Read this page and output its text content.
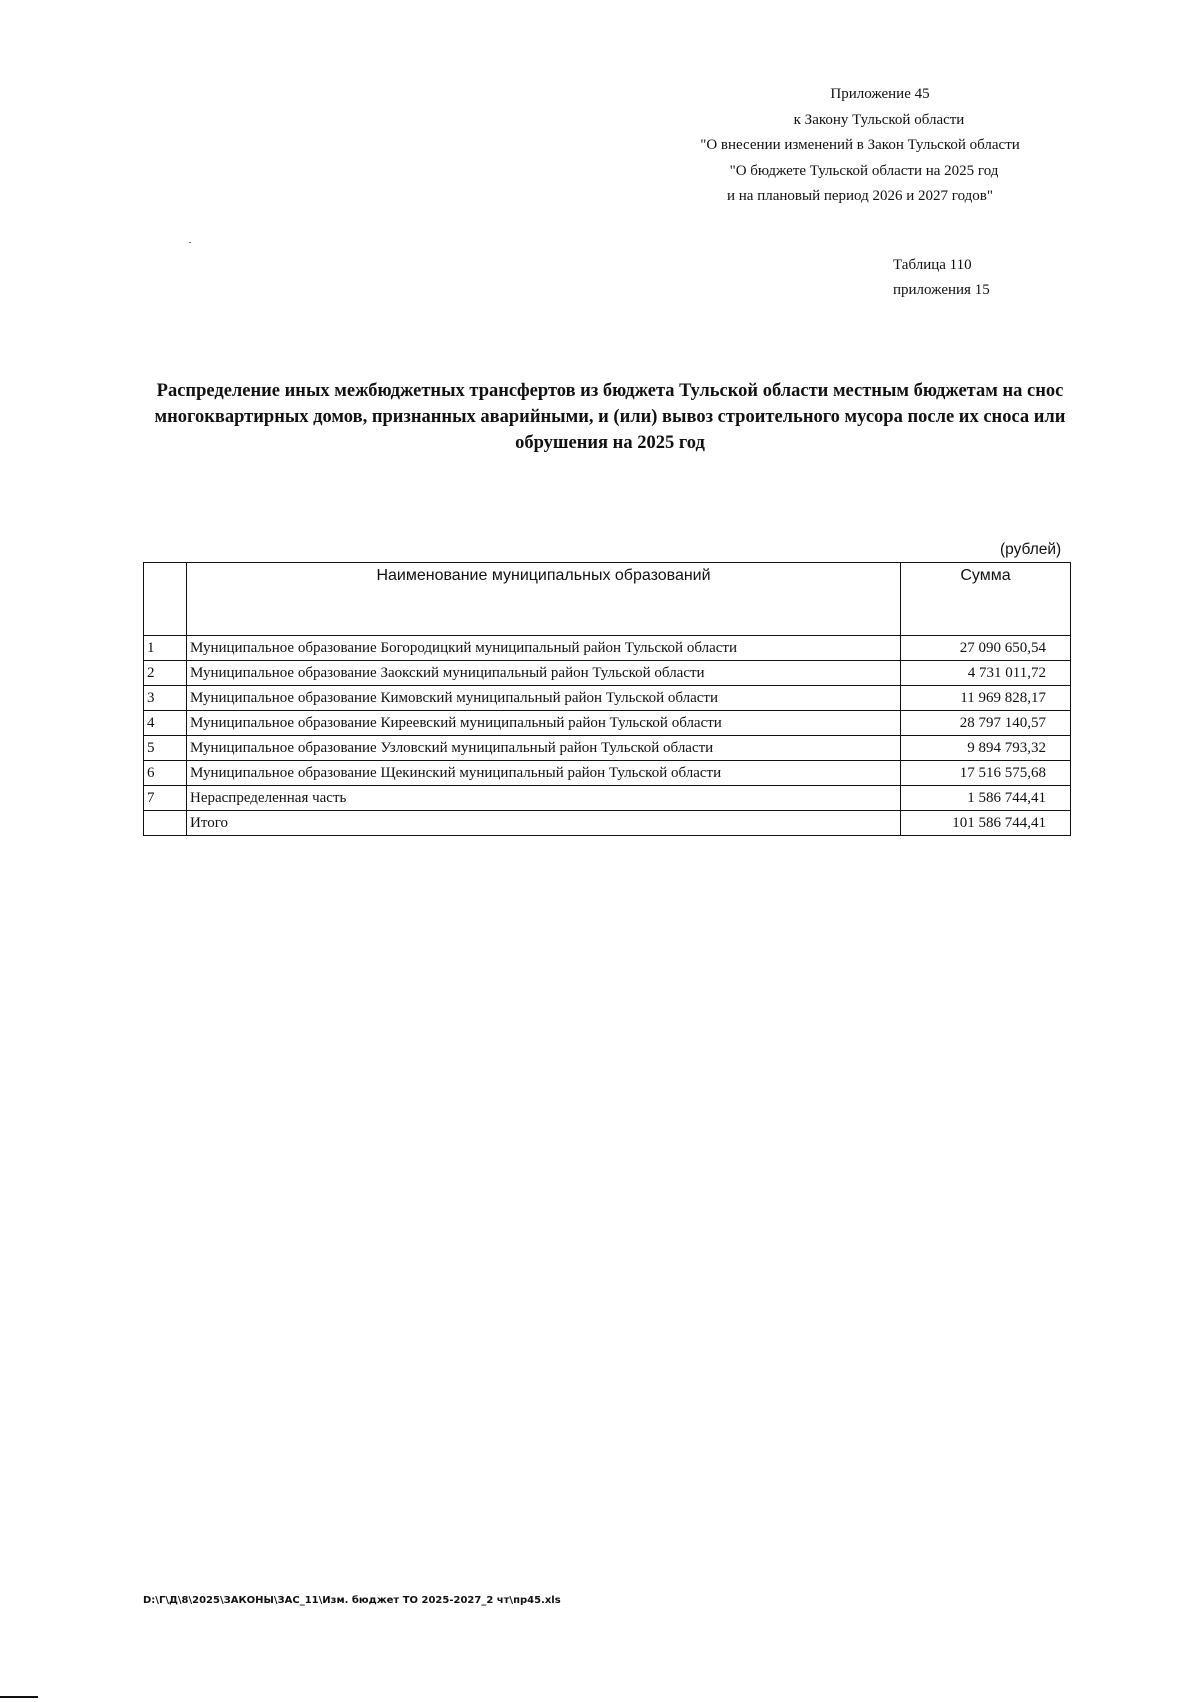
Приложение 45
к Закону Тульской области
"О внесении изменений в Закон Тульской области
"О бюджете Тульской области на 2025 год
и на плановый период 2026 и 2027 годов"
Таблица 110
приложения 15
Распределение иных межбюджетных трансфертов из бюджета Тульской области местным бюджетам на снос многоквартирных домов, признанных аварийными, и (или) вывоз строительного мусора после их сноса или обрушения на 2025 год
(рублей)
	Наименование муниципальных образований	Сумма
1	Муниципальное образование Богородицкий муниципальный район Тульской области	27 090 650,54
2	Муниципальное образование Заокский муниципальный район Тульской области	4 731 011,72
3	Муниципальное образование Кимовский муниципальный район Тульской области	11 969 828,17
4	Муниципальное образование Киреевский муниципальный район Тульской области	28 797 140,57
5	Муниципальное образование Узловский муниципальный район Тульской области	9 894 793,32
6	Муниципальное образование Щекинский муниципальный район Тульской области	17 516 575,68
7	Нераспределенная часть	1 586 744,41
	Итого	101 586 744,41
D:\Г\Д\8\2025\ЗАКОНЫ\ЗАС_11\Изм. бюджет ТО 2025-2027_2 чт\пр45.xls
